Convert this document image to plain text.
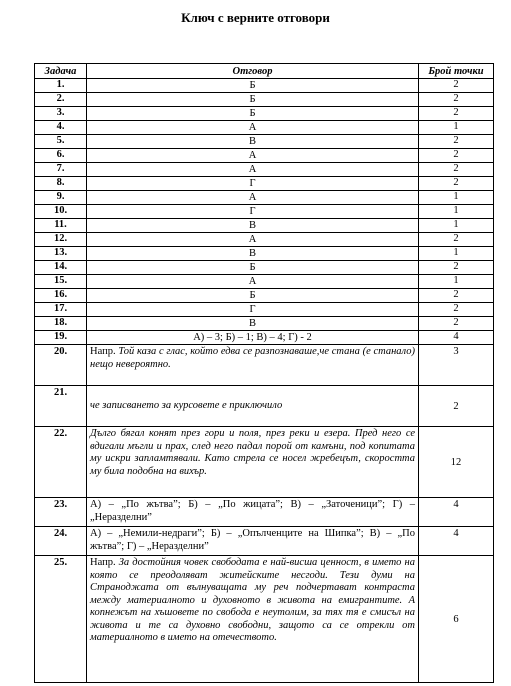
Ключ с верните отговори
Задача	Отговор	Брой точки
1.	Б	2
2.	Б	2
3.	Б	2
4.	А	1
5.	В	2
6.	А	2
7.	А	2
8.	Г	2
9.	А	1
10.	Г	1
11.	В	1
12.	А	2
13.	В	1
14.	Б	2
15.	А	1
16.	Б	2
17.	Г	2
18.	В	2
19.	А) – 3; Б) – 1; В) – 4; Г) - 2	4
20.	Напр. Той каза с глас, който едва се разпознаваше,че стана (е станало) нещо невероятно.	3
21.	че записването за курсовете е приключило	2
22.	Дълго бягал конят през гори и поля, през реки и езера. Пред него се вдигали мъгли и прах, след него падал порой от камъни, под копитата му искри запламтявали. Като стрела се носел жребецът, скоростта му била подобна на вихър.	12
23.	А) – „По жътва”; Б) – „По жицата”; В) – „Заточеници”; Г) – „Неразделни”	4
24.	А) – „Немили-недраги”; Б) – „Опълченците на Шипка”; В) – „По жътва”; Г) – „Неразделни”	4
25.	Напр. За достойния човек свободата е най-висша ценност, в името на която се преодоляват житейските несгоди. Тези думи на Страноджата от вълнуващата му реч подчертават контраста между материалното и духовното в живота на емигрантите. А копнежът на хъшовете по свобода е неутолим, за тях тя е смисъл на живота и те са духовно свободни, защото са се отрекли от материалното в името на отечеството.	6
